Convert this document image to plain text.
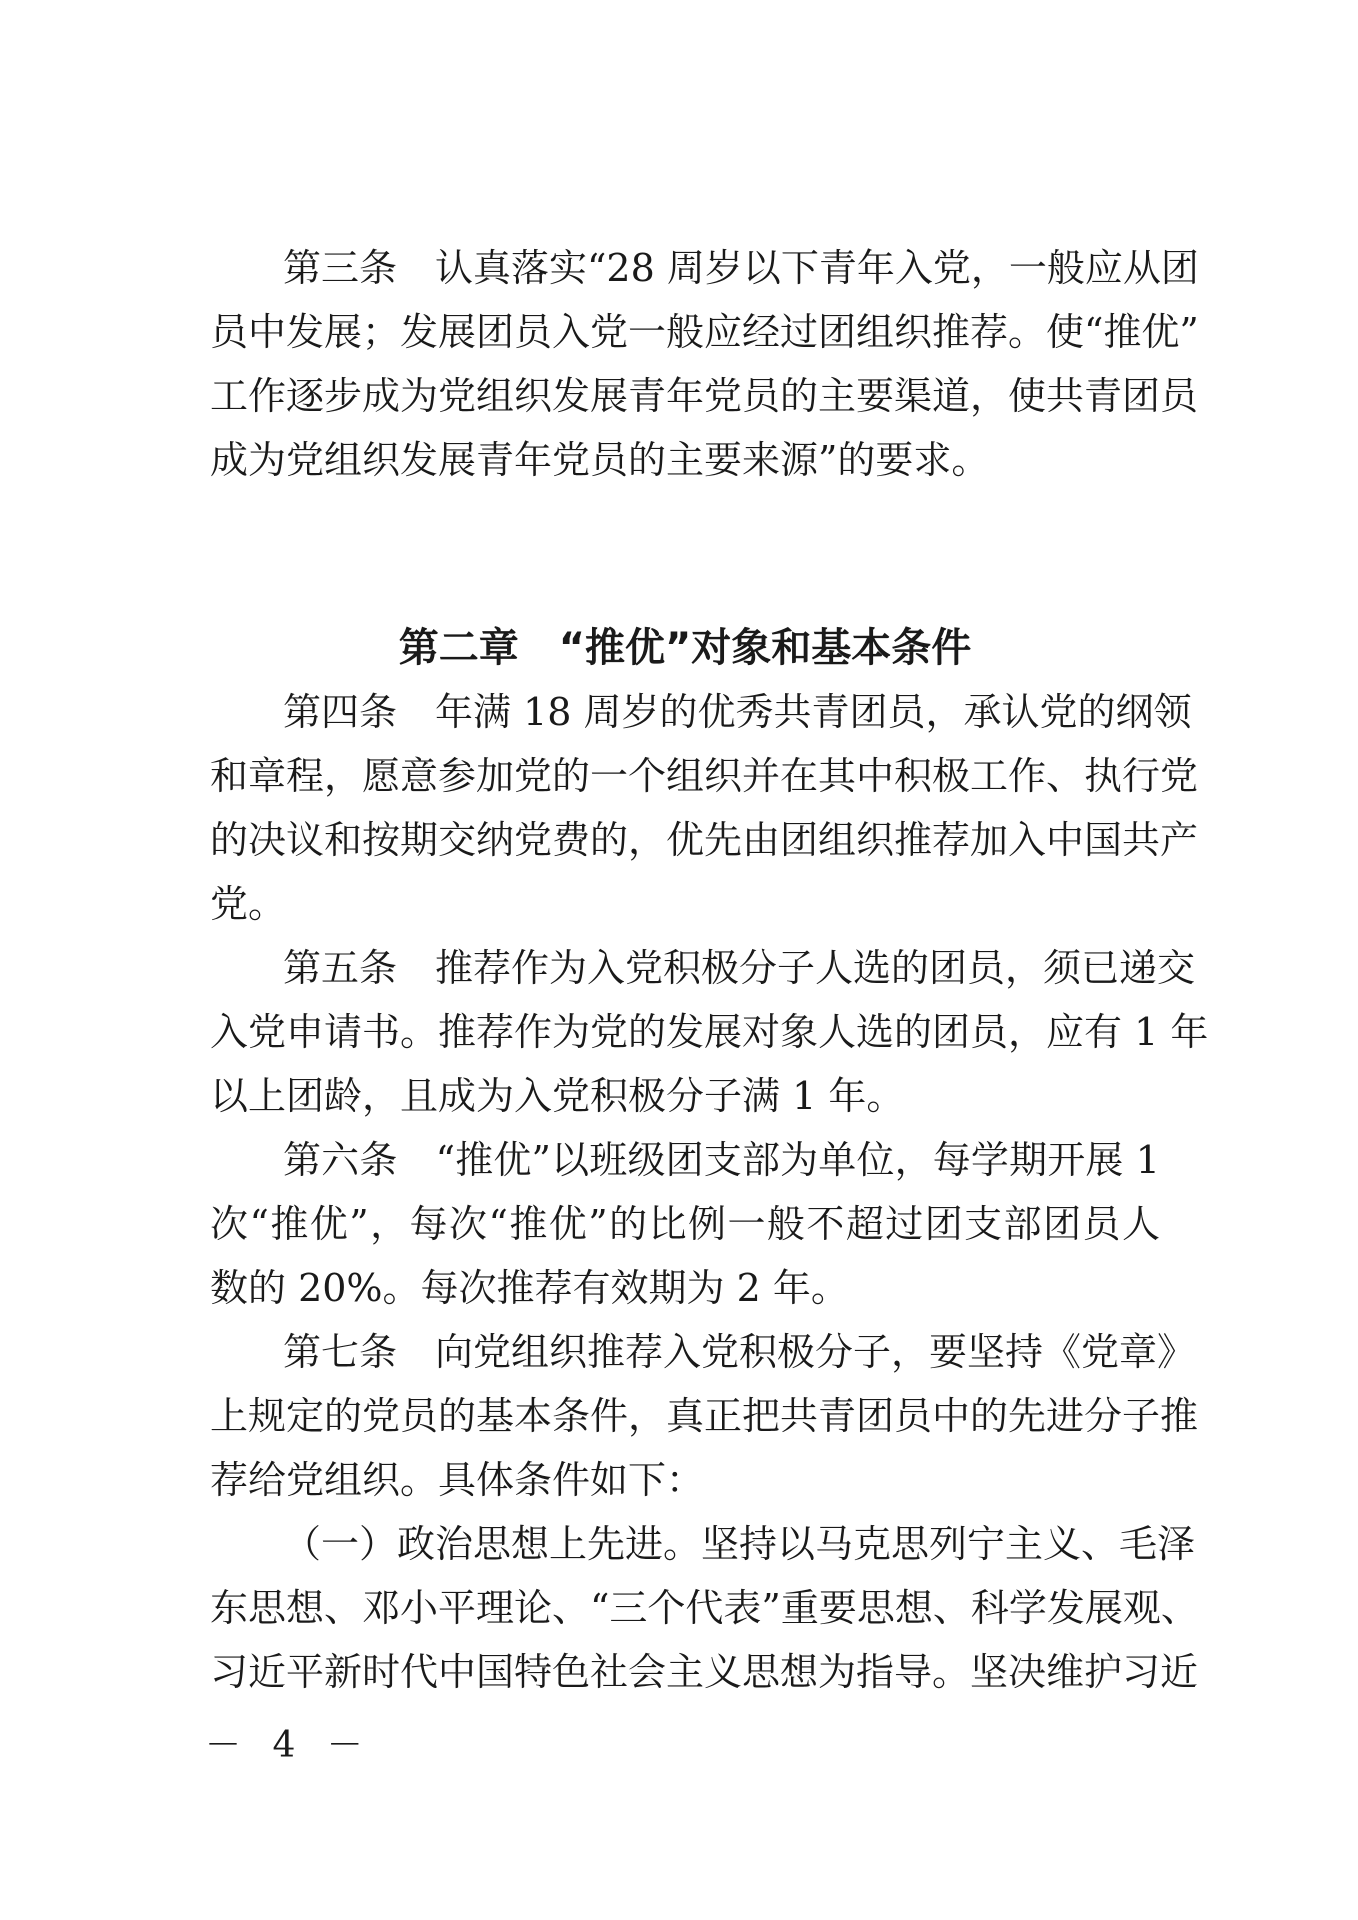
第三条　认真落实“28 周岁以下青年入党，一般应从团
员中发展；发展团员入党一般应经过团组织推荐。使“推优”
工作逐步成为党组织发展青年党员的主要渠道，使共青团员
成为党组织发展青年党员的主要来源”的要求。
第二章　“推优”对象和基本条件
第四条　年满 18 周岁的优秀共青团员，承认党的纲领
和章程，愿意参加党的一个组织并在其中积极工作、执行党
的决议和按期交纳党费的，优先由团组织推荐加入中国共产
党。
第五条　推荐作为入党积极分子人选的团员，须已递交
入党申请书。推荐作为党的发展对象人选的团员，应有 1 年
以上团龄，且成为入党积极分子满 1 年。
第六条　“推优”以班级团支部为单位，每学期开展 1
次“推优”，每次“推优”的比例一般不超过团支部团员人
数的 20%。每次推荐有效期为 2 年。
第七条　向党组织推荐入党积极分子，要坚持《党章》
上规定的党员的基本条件，真正把共青团员中的先进分子推
荐给党组织。具体条件如下：
（一）政治思想上先进。坚持以马克思列宁主义、毛泽
东思想、邓小平理论、“三个代表”重要思想、科学发展观、
习近平新时代中国特色社会主义思想为指导。坚决维护习近
－ 4 －
